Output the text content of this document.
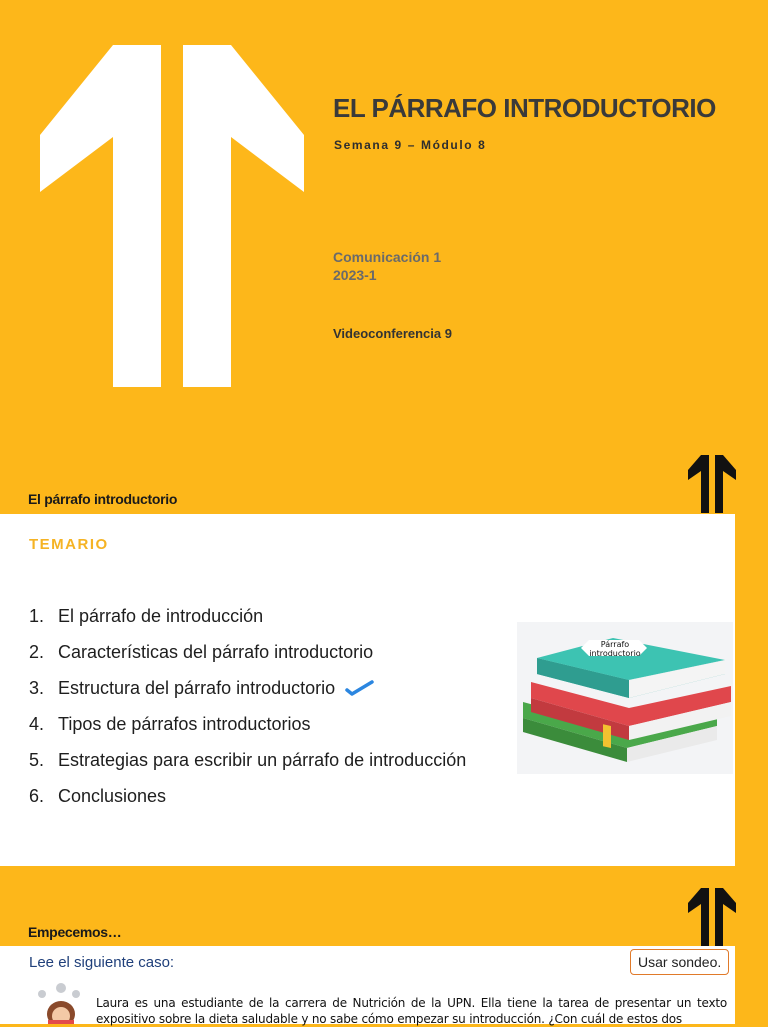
EL PÁRRAFO INTRODUCTORIO
Semana 9 – Módulo 8
Comunicación 1
2023-1
Videoconferencia 9
El párrafo introductorio
TEMARIO
1. El párrafo de introducción
2. Características del párrafo introductorio
3. Estructura del párrafo introductorio
4. Tipos de párrafos introductorios
5. Estrategias para escribir un párrafo de introducción
6. Conclusiones
Párrafo
introductorio
Empecemos…
Lee el siguiente caso:	Usar sondeo.
Laura es una estudiante de la carrera de Nutrición de la UPN. Ella tiene la tarea de presentar un texto expositivo sobre la dieta saludable y no sabe cómo empezar su introducción. ¿Con cuál de estos dos
